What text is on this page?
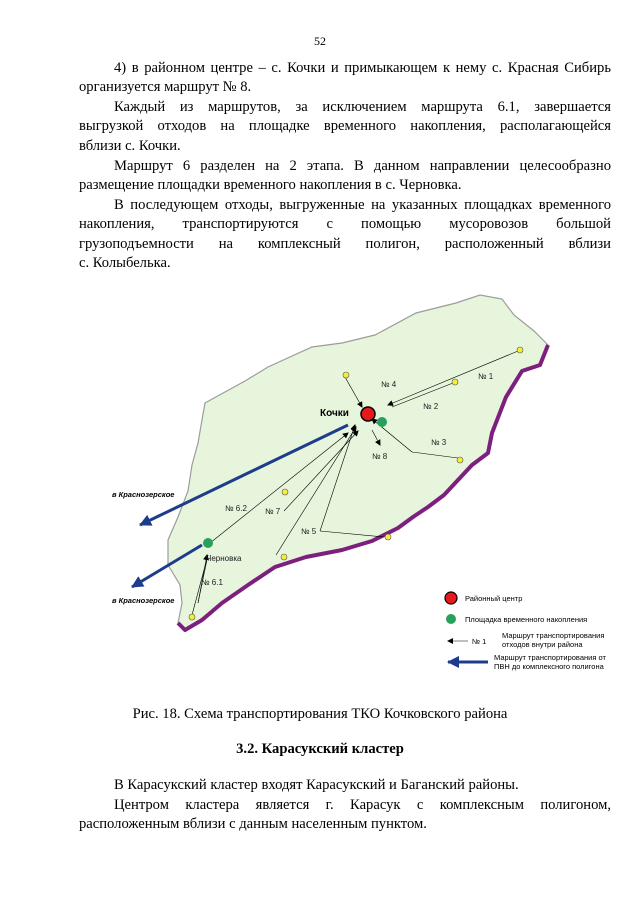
52

4) в районном центре – с. Кочки и примыкающем к нему с. Красная Сибирь

организуется маршрут № 8.

Каждый из маршрутов, за исключением маршрута 6.1, завершается

выгрузкой отходов на площадке временного накопления, располагающейся

вблизи с. Кочки.

Маршрут 6 разделен на 2 этапа. В данном направлении целесообразно

размещение площадки временного накопления в с. Черновка.

В последующем отходы, выгруженные на указанных площадках временного

накопления, транспортируются с помощью мусоровозов большой

грузоподъемности на комплексный полигон, расположенный вблизи

с. Колыбелька.

Кочки
Черновка
в Краснозерское
в Краснозерское
№ 1
№ 2
№ 3
№ 4
№ 5
№ 6.1
№ 6.2 № 7
№ 8
Районный центр
Площадка временного накопления
№ 1
Маршрут транспортирования
отходов внутри района
Маршрут транспортирования от
ПВН до комплексного полигона
Рис. 18. Схема транспортирования ТКО Кочковского района
3.2. Карасукский кластер

В Карасукский кластер входят Карасукский и Баганский районы.

Центром кластера является г. Карасук с комплексным полигоном,

расположенным вблизи с данным населенным пунктом.
